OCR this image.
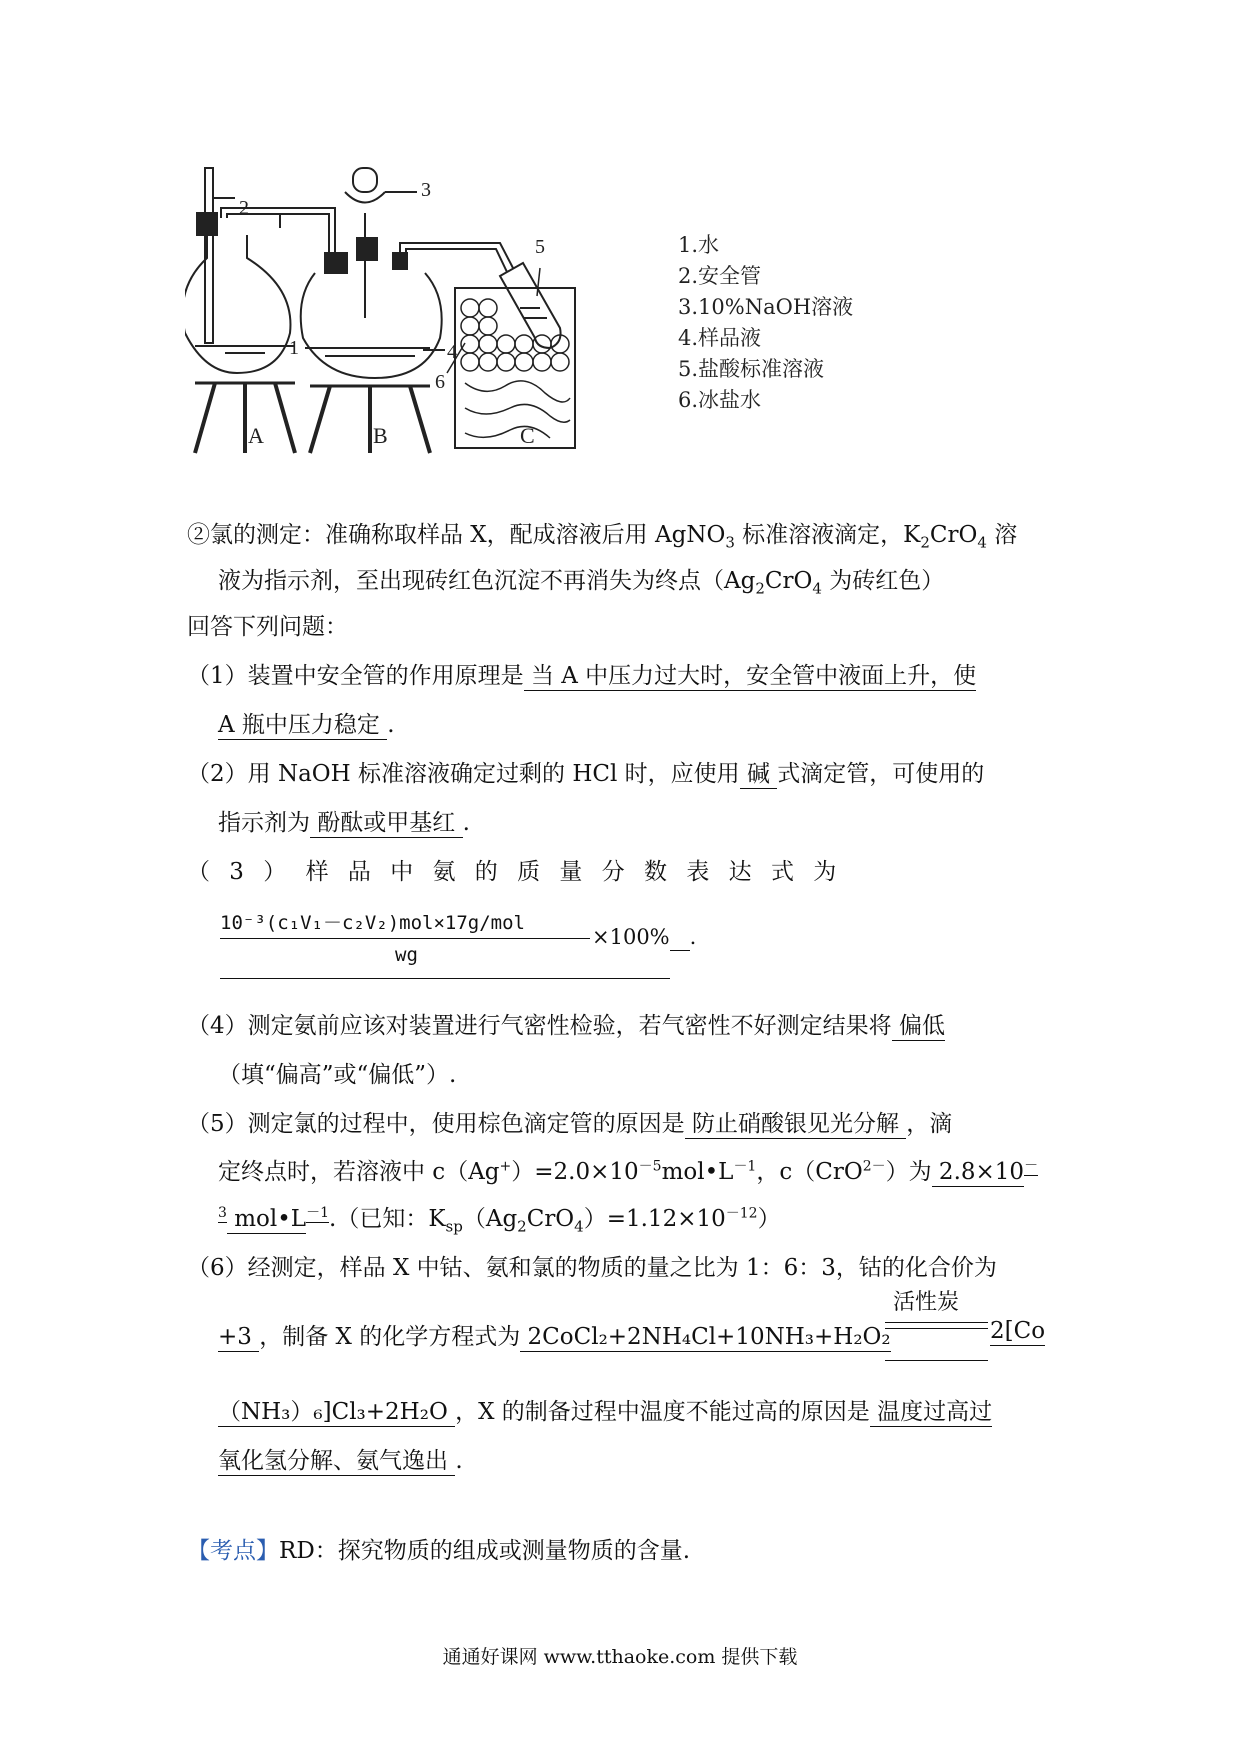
2
3
1	4
5
6
A	B	C
1.水
2.安全管
3.10%NaOH溶液
4.样品液
5.盐酸标准溶液
6.冰盐水
②氯的测定：准确称取样品 X，配成溶液后用 AgNO$_3$ 标准溶液滴定，$K_2CrO_4$ 溶
液为指示剂，至出现砖红色沉淀不再消失为终点（$Ag_2CrO_4$ 为砖红色）
回答下列问题：
（1）装置中安全管的作用原理是 当 A 中压力过大时，安全管中液面上升，使
A 瓶中压力稳定 .
（2）用 NaOH 标准溶液确定过剩的 HCl 时，应使用 碱 式滴定管，可使用的
指示剂为 酚酞或甲基红 .
（ 3 ） 样 品 中 氨 的 质 量 分 数 表 达 式 为
10⁻³(c₁V₁－c₂V₂)mol×17g/mol
wg
×100% .
（4）测定氨前应该对装置进行气密性检验，若气密性不好测定结果将 偏低
（填“偏高”或“偏低”）.
（5）测定氯的过程中，使用棕色滴定管的原因是 防止硝酸银见光分解 ，滴
定终点时，若溶液中 $c(Ag^+)=2.0\times 10^{-5}mol•L^{-1}$，c（CrO$^{2-}$）为 2.8×10－
$^3$ $mol•L^{-1}$.（已知：$K_{sp}(Ag_2CrO_4)=1.12\times 10^{-12}$）
（6）经测定，样品 X 中钴、氨和氯的物质的量之比为 1：6：3，钴的化合价为
+3 ，制备 X 的化学方程式为 2CoCl₂+2NH₄Cl+10NH₃+H₂O₂
活性炭
2[Co
（NH₃）₆]Cl₃+2H₂O ，X 的制备过程中温度不能过高的原因是 温度过高过
氧化氢分解、氨气逸出 .
【考点】RD：探究物质的组成或测量物质的含量.
通通好课网 www.tthaoke.com 提供下载
